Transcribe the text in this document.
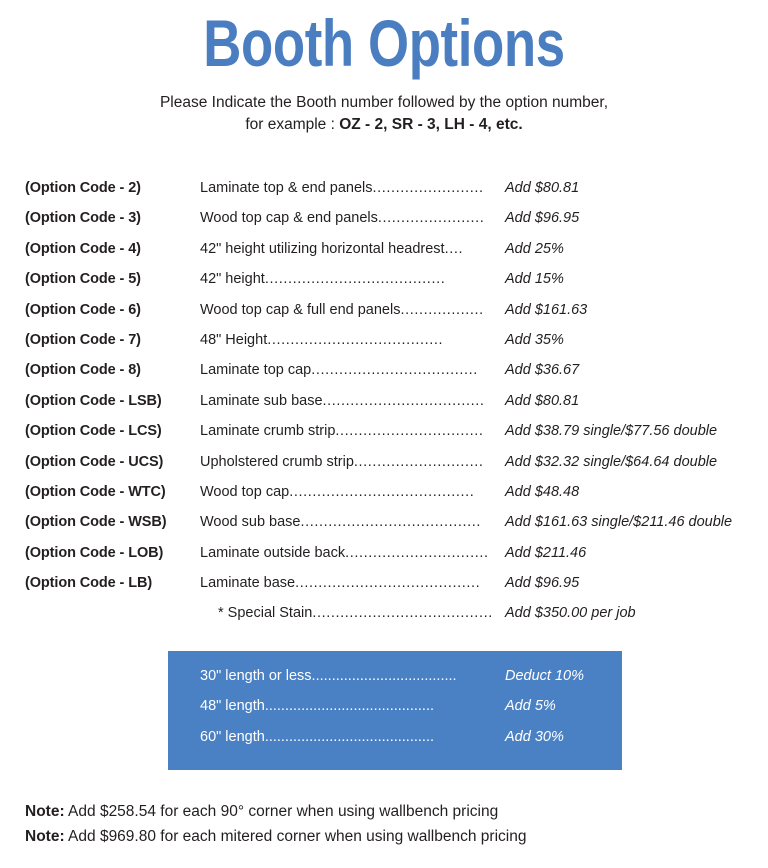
Booth Options
Please Indicate the Booth number followed by the option number,
for example : OZ - 2, SR - 3, LH - 4, etc.
(Option Code - 2)	Laminate top & end panels........................	Add $80.81
(Option Code - 3)	Wood top cap & end panels.......................	Add $96.95
(Option Code - 4)	42" height utilizing horizontal headrest....	Add 25%
(Option Code - 5)	42" height.......................................	Add 15%
(Option Code - 6)	Wood top cap & full end panels..................	Add $161.63
(Option Code - 7)	48" Height......................................	Add 35%
(Option Code - 8)	Laminate top cap....................................	Add $36.67
(Option Code - LSB)	Laminate sub base...................................	Add $80.81
(Option Code - LCS)	Laminate crumb strip................................	Add $38.79 single/$77.56 double
(Option Code - UCS)	Upholstered crumb strip............................	Add $32.32 single/$64.64 double
(Option Code - WTC) Wood top cap........................................	Add $48.48
(Option Code - WSB) Wood sub base.......................................	Add $161.63 single/$211.46 double
(Option Code - LOB)	Laminate outside back...............................	Add $211.46
(Option Code - LB)	Laminate base........................................	Add $96.95
* Special Stain....................................... Add $350.00 per job
30" length or less....................................	Deduct 10%
48" length..........................................	Add 5%
60" length..........................................	Add 30%
Note: Add $258.54 for each 90° corner when using wallbench pricing
Note: Add $969.80 for each mitered corner when using wallbench pricing
